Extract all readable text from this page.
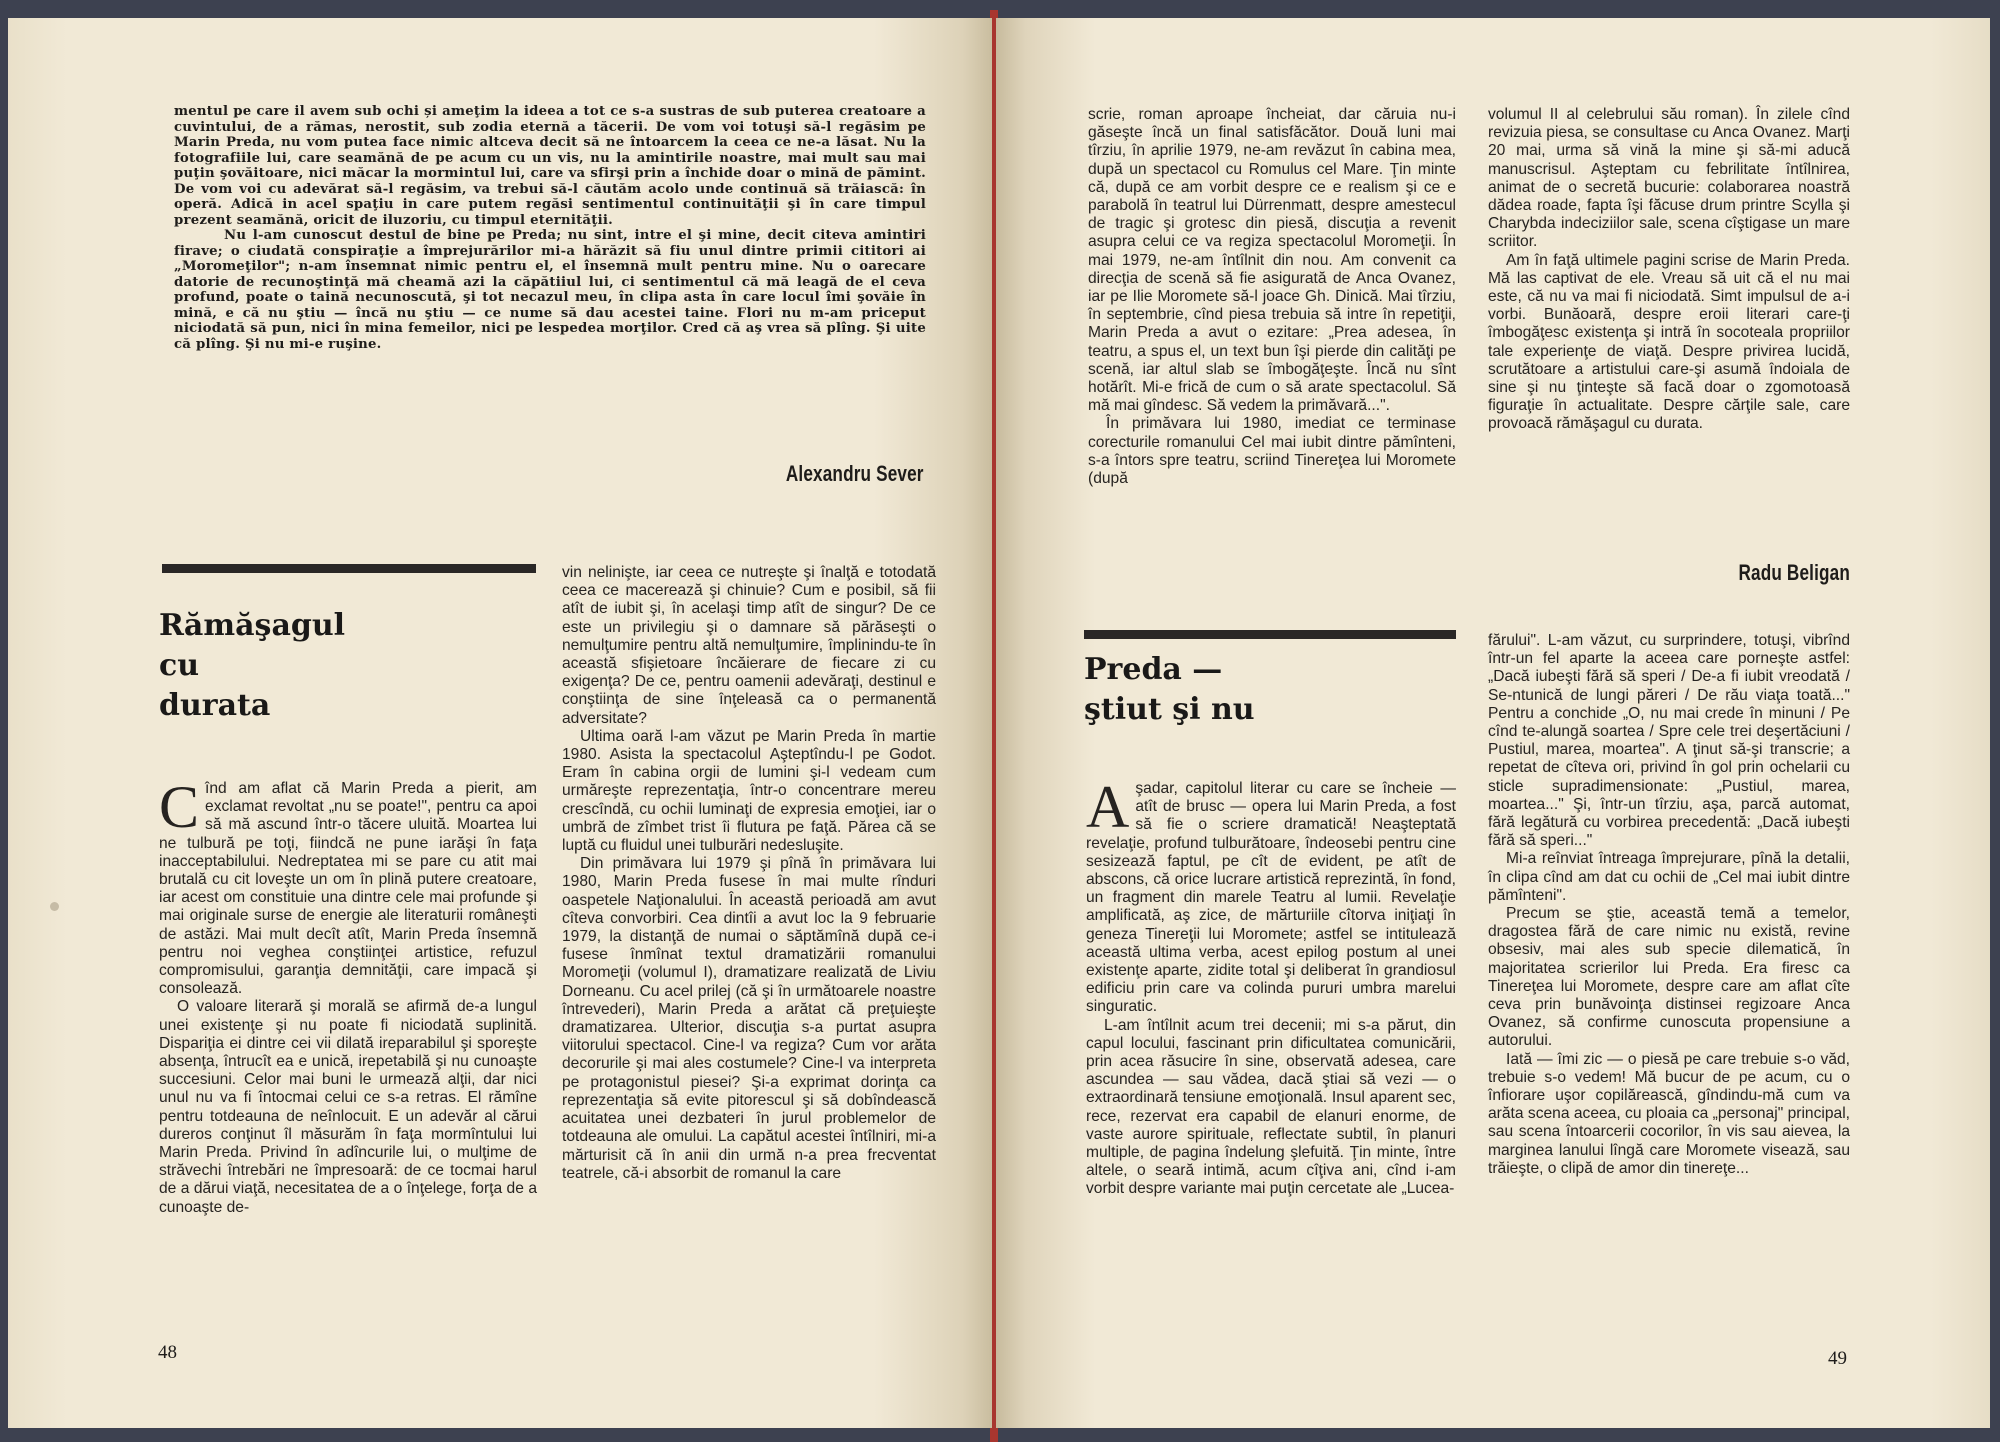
mentul pe care il avem sub ochi și ameţim la ideea a tot ce s-a sustras de sub puterea creatoare a cuvintului, de a rămas, nerostit, sub zodia eternă a tăcerii. De vom voi totuşi să-l regăsim pe Marin Preda, nu vom putea face nimic altceva decit să ne întoarcem la ceea ce ne-a lăsat. Nu la fotografiile lui, care seamănă de pe acum cu un vis, nu la amintirile noastre, mai mult sau mai puţin şovăitoare, nici măcar la mormintul lui, care va sfirşi prin a închide doar o mină de pămint. De vom voi cu adevărat să-l regăsim, va trebui să-l căutăm acolo unde continuă să trăiască: în operă. Adică in acel spaţiu in care putem regăsi sentimentul continuităţii şi în care timpul prezent seamănă, oricit de iluzoriu, cu timpul eternităţii.

Nu l-am cunoscut destul de bine pe Preda; nu sint, intre el şi mine, decit citeva amintiri firave; o ciudată conspiraţie a împrejurărilor mi-a hărăzit să fiu unul dintre primii cititori ai „Moromeţilor"; n-am însemnat nimic pentru el, el însemnă mult pentru mine. Nu o oarecare datorie de recunoştinţă mă cheamă azi la căpătiiul lui, ci sentimentul că mă leagă de el ceva profund, poate o taină necunoscută, şi tot necazul meu, în clipa asta în care locul îmi şovăie în mină, e că nu ştiu — încă nu ştiu — ce nume să dau acestei taine. Flori nu m-am priceput niciodată să pun, nici în mina femeilor, nici pe lespedea morţilor. Cred că aş vrea să plîng. Şi uite că plîng. Şi nu mi-e ruşine.

Alexandru Sever
Rămăşagul
cu
durata

Cînd am aflat că Marin Preda a pierit, am exclamat revoltat „nu se poate!", pentru ca apoi să mă ascund într-o tăcere uluită. Moartea lui ne tulbură pe toţi, fiindcă ne pune iarăşi în faţa inacceptabilului. Nedreptatea mi se pare cu atit mai brutală cu cit loveşte un om în plină putere creatoare, iar acest om constituie una dintre cele mai profunde şi mai originale surse de energie ale literaturii româneşti de astăzi. Mai mult decît atît, Marin Preda însemnă pentru noi veghea conştiinţei artistice, refuzul compromisului, garanţia demnităţii, care impacă şi consolează.

O valoare literară şi morală se afirmă de-a lungul unei existenţe şi nu poate fi niciodată suplinită. Dispariţia ei dintre cei vii dilată ireparabilul şi sporeşte absenţa, întrucît ea e unică, irepetabilă şi nu cunoaşte succesiuni. Celor mai buni le urmează alţii, dar nici unul nu va fi întocmai celui ce s-a retras. El rămîne pentru totdeauna de neînlocuit. E un adevăr al cărui dureros conţinut îl măsurăm în faţa mormîntului lui Marin Preda. Privind în adîncurile lui, o mulţime de străvechi întrebări ne împresoară: de ce tocmai harul de a dărui viaţă, necesitatea de a o înţelege, forţa de a cunoaşte de-

vin nelinişte, iar ceea ce nutreşte şi înalţă e totodată ceea ce macerează şi chinuie? Cum e posibil, să fii atît de iubit şi, în acelaşi timp atît de singur? De ce este un privilegiu şi o damnare să părăseşti o nemulţumire pentru altă nemulţumire, împlinindu-te în această sfişietoare încăierare de fiecare zi cu exigenţa? De ce, pentru oamenii adevăraţi, destinul e conştiinţa de sine înţeleasă ca o permanentă adversitate?

Ultima oară l-am văzut pe Marin Preda în martie 1980. Asista la spectacolul Aşteptîndu-l pe Godot. Eram în cabina orgii de lumini şi-l vedeam cum urmăreşte reprezentaţia, într-o concentrare mereu crescîndă, cu ochii luminaţi de expresia emoţiei, iar o umbră de zîmbet trist îi flutura pe faţă. Părea că se luptă cu fluidul unei tulburări nedesluşite.

Din primăvara lui 1979 şi pînă în primăvara lui 1980, Marin Preda fusese în mai multe rînduri oaspetele Naţionalului. În această perioadă am avut cîteva convorbiri. Cea dintîi a avut loc la 9 februarie 1979, la distanţă de numai o săptămînă după ce-i fusese înmînat textul dramatizării romanului Moromeţii (volumul I), dramatizare realizată de Liviu Dorneanu. Cu acel prilej (că şi în următoarele noastre întrevederi), Marin Preda a arătat că preţuieşte dramatizarea. Ulterior, discuţia s-a purtat asupra viitorului spectacol. Cine-l va regiza? Cum vor arăta decorurile şi mai ales costumele? Cine-l va interpreta pe protagonistul piesei? Şi-a exprimat dorinţa ca reprezentaţia să evite pitorescul şi să dobîndească acuitatea unei dezbateri în jurul problemelor de totdeauna ale omului. La capătul acestei întîlniri, mi-a mărturisit că în anii din urmă n-a prea frecventat teatrele, că-i absorbit de romanul la care

48

scrie, roman aproape încheiat, dar căruia nu-i găseşte încă un final satisfăcător. Două luni mai tîrziu, în aprilie 1979, ne-am revăzut în cabina mea, după un spectacol cu Romulus cel Mare. Ţin minte că, după ce am vorbit despre ce e realism şi ce e parabolă în teatrul lui Dürrenmatt, despre amestecul de tragic şi grotesc din piesă, discuţia a revenit asupra celui ce va regiza spectacolul Moromeţii. În mai 1979, ne-am întîlnit din nou. Am convenit ca direcţia de scenă să fie asigurată de Anca Ovanez, iar pe Ilie Moromete să-l joace Gh. Dinică. Mai tîrziu, în septembrie, cînd piesa trebuia să intre în repetiţii, Marin Preda a avut o ezitare: „Prea adesea, în teatru, a spus el, un text bun îşi pierde din calităţi pe scenă, iar altul slab se îmbogăţeşte. Încă nu sînt hotărît. Mi-e frică de cum o să arate spectacolul. Să mă mai gîndesc. Să vedem la primăvară...".

În primăvara lui 1980, imediat ce terminase corecturile romanului Cel mai iubit dintre pămînteni, s-a întors spre teatru, scriind Tinereţea lui Moromete (după

volumul II al celebrului său roman). În zilele cînd revizuia piesa, se consultase cu Anca Ovanez. Marţi 20 mai, urma să vină la mine şi să-mi aducă manuscrisul. Aşteptam cu febrilitate întîlnirea, animat de o secretă bucurie: colaborarea noastră dădea roade, fapta îşi făcuse drum printre Scylla şi Charybda indeciziilor sale, scena cîştigase un mare scriitor.

Am în faţă ultimele pagini scrise de Marin Preda. Mă las captivat de ele. Vreau să uit că el nu mai este, că nu va mai fi niciodată. Simt impulsul de a-i vorbi. Bunăoară, despre eroii literari care-ţi îmbogăţesc existenţa şi intră în socoteala propriilor tale experienţe de viaţă. Despre privirea lucidă, scrutătoare a artistului care-şi asumă îndoiala de sine şi nu ţinteşte să facă doar o zgomotoasă figuraţie în actualitate. Despre cărţile sale, care provoacă rămăşagul cu durata.

Radu Beligan
Preda —
ştiut şi nu

Aşadar, capitolul literar cu care se încheie — atît de brusc — opera lui Marin Preda, a fost să fie o scriere dramatică! Neaşteptată revelaţie, profund tulburătoare, îndeosebi pentru cine sesizează faptul, pe cît de evident, pe atît de abscons, că orice lucrare artistică reprezintă, în fond, un fragment din marele Teatru al lumii. Revelaţie amplificată, aş zice, de mărturiile cîtorva iniţiaţi în geneza Tinereţii lui Moromete; astfel se intitulează această ultima verba, acest epilog postum al unei existenţe aparte, zidite total şi deliberat în grandiosul edificiu prin care va colinda pururi umbra marelui singuratic.

L-am întîlnit acum trei decenii; mi s-a părut, din capul locului, fascinant prin dificultatea comunicării, prin acea răsucire în sine, observată adesea, care ascundea — sau vădea, dacă ştiai să vezi — o extraordinară tensiune emoţională. Insul aparent sec, rece, rezervat era capabil de elanuri enorme, de vaste aurore spirituale, reflectate subtil, în planuri multiple, de pagina îndelung şlefuită. Ţin minte, între altele, o seară intimă, acum cîţiva ani, cînd i-am vorbit despre variante mai puţin cercetate ale „Lucea-

fărului". L-am văzut, cu surprindere, totuşi, vibrînd într-un fel aparte la aceea care porneşte astfel: „Dacă iubeşti fără să speri / De-a fi iubit vreodată / Se-ntunică de lungi păreri / De rău viaţa toată..." Pentru a conchide „O, nu mai crede în minuni / Pe cînd te-alungă soartea / Spre cele trei deşertăciuni / Pustiul, marea, moartea". A ţinut să-şi transcrie; a repetat de cîteva ori, privind în gol prin ochelarii cu sticle supradimensionate: „Pustiul, marea, moartea..." Şi, într-un tîrziu, aşa, parcă automat, fără legătură cu vorbirea precedentă: „Dacă iubeşti fără să speri..."

Mi-a reînviat întreaga împrejurare, pînă la detalii, în clipa cînd am dat cu ochii de „Cel mai iubit dintre pămînteni".

Precum se ştie, această temă a temelor, dragostea fără de care nimic nu există, revine obsesiv, mai ales sub specie dilematică, în majoritatea scrierilor lui Preda. Era firesc ca Tinereţea lui Moromete, despre care am aflat cîte ceva prin bunăvoinţa distinsei regizoare Anca Ovanez, să confirme cunoscuta propensiune a autorului.

Iată — îmi zic — o piesă pe care trebuie s-o văd, trebuie s-o vedem! Mă bucur de pe acum, cu o înfiorare uşor copilărească, gîndindu-mă cum va arăta scena aceea, cu ploaia ca „personaj" principal, sau scena întoarcerii cocorilor, în vis sau aievea, la marginea lanului lîngă care Moromete visează, sau trăieşte, o clipă de amor din tinereţe...

49
